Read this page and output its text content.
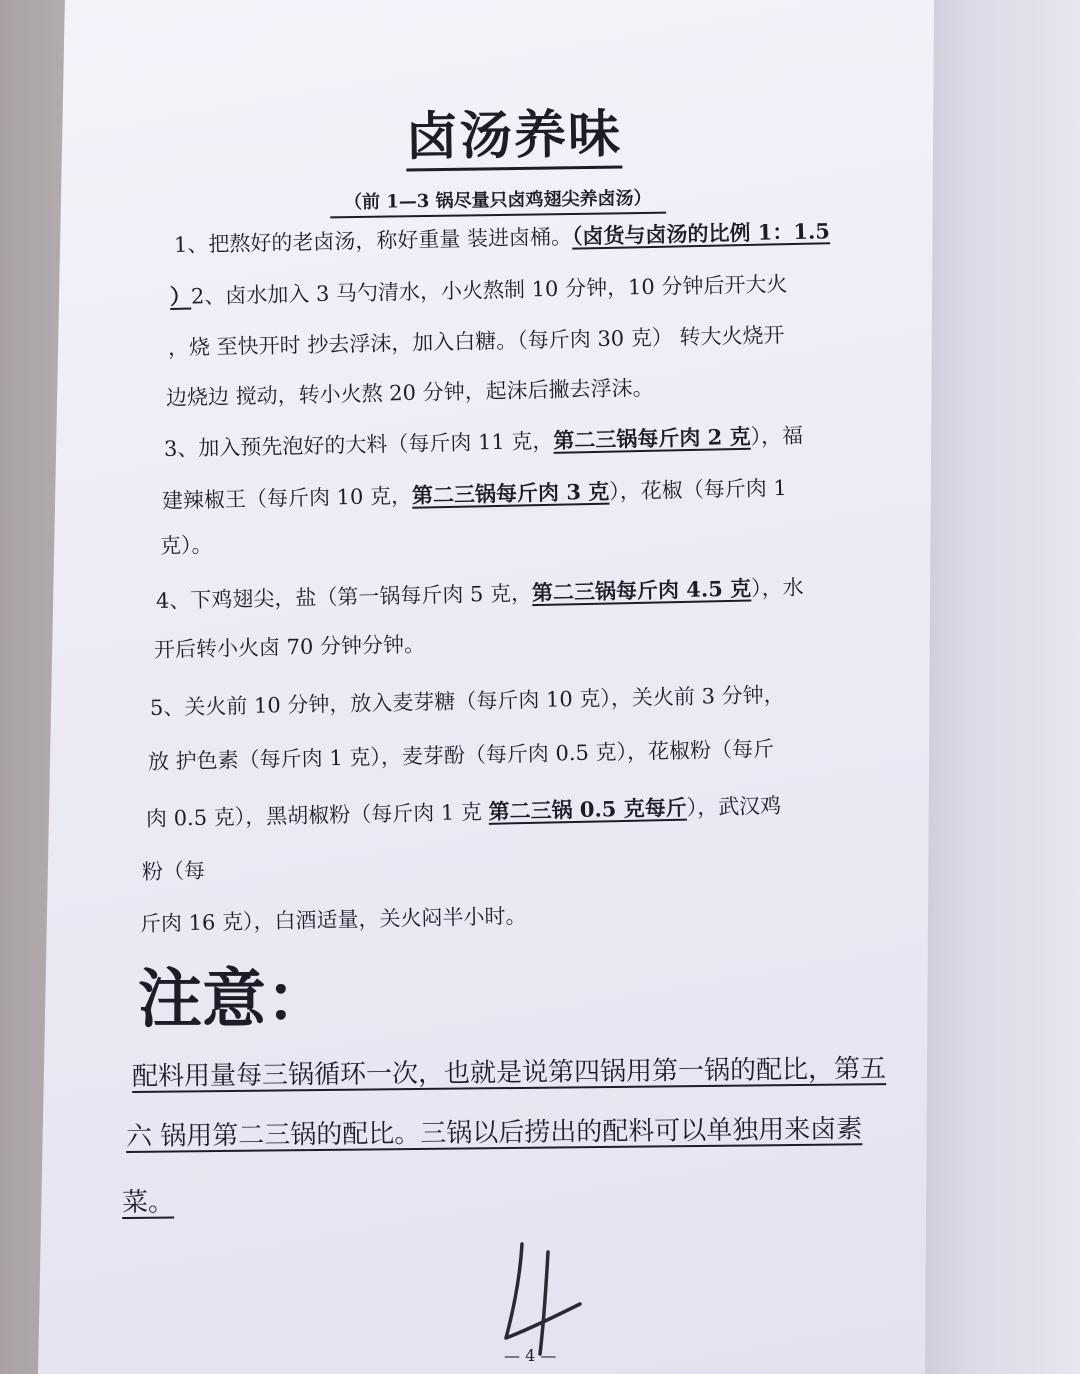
卤汤养味
（前 1—3 锅尽量只卤鸡翅尖养卤汤）
1、把熬好的老卤汤，称好重量 装进卤桶。（卤货与卤汤的比例 1：1.5
）2、卤水加入 3 马勺清水，小火熬制 10 分钟，10 分钟后开大火
，烧 至快开时 抄去浮沫，加入白糖。（每斤肉 30 克） 转大火烧开
边烧边 搅动，转小火熬 20 分钟，起沫后撇去浮沫。
3、加入预先泡好的大料（每斤肉 11 克，第二三锅每斤肉 2 克），福
建辣椒王（每斤肉 10 克，第二三锅每斤肉 3 克），花椒（每斤肉 1
克）。
4、下鸡翅尖，盐（第一锅每斤肉 5 克，第二三锅每斤肉 4.5 克），水
开后转小火卤 70 分钟分钟。
5、关火前 10 分钟，放入麦芽糖（每斤肉 10 克），关火前 3 分钟，
放 护色素（每斤肉 1 克），麦芽酚（每斤肉 0.5 克），花椒粉（每斤
肉 0.5 克），黑胡椒粉（每斤肉 1 克 第二三锅 0.5 克每斤），武汉鸡
粉（每
斤肉 16 克），白酒适量，关火闷半小时。
注意：
配料用量每三锅循环一次，也就是说第四锅用第一锅的配比，第五
六 锅用第二三锅的配比。三锅以后捞出的配料可以单独用来卤素
菜。
4
— 4 —
